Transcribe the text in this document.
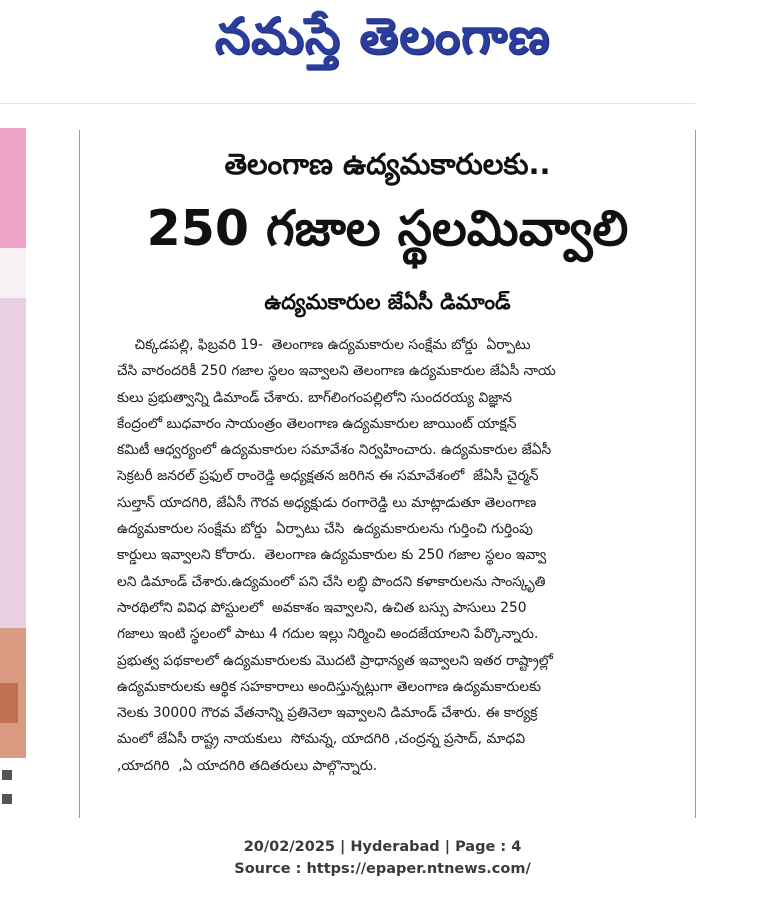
నమస్తే తెలంగాణ
తెలంగాణ ఉద్యమకారులకు..
250 గజాల స్థలమివ్వాలి
ఉద్యమకారుల జేఏసీ డిమాండ్
చిక్కడపల్లి, ఫిబ్రవరి 19-  తెలంగాణ ఉద్యమకారుల సంక్షేమ బోర్డు  ఏర్పాటు
చేసి వారందరికీ 250 గజాల స్థలం ఇవ్వాలని తెలంగాణ ఉద్యమకారుల జేఏసీ నాయ
కులు ప్రభుత్వాన్ని డిమాండ్ చేశారు. బాగ్‌లింగంపల్లిలోని సుందరయ్య విజ్ఞాన
కేంద్రంలో బుధవారం సాయంత్రం తెలంగాణ ఉద్యమకారుల జాయింట్ యాక్షన్
కమిటీ ఆధ్వర్యంలో ఉద్యమకారుల సమావేశం నిర్వహించారు. ఉద్యమకారుల జేఏసీ
సెక్రటరీ జనరల్ ప్రఫుల్ రాంరెడ్డి అధ్యక్షతన జరిగిన ఈ సమావేశంలో  జేఏసీ చైర్మన్
సుల్తాన్ యాదగిరి, జేఏసీ గౌరవ అధ్యక్షుడు రంగారెడ్డి లు మాట్లాడుతూ తెలంగాణ
ఉద్యమకారుల సంక్షేమ బోర్డు  ఏర్పాటు చేసి  ఉద్యమకారులను గుర్తించి గుర్తింపు
కార్డులు ఇవ్వాలని కోరారు.  తెలంగాణ ఉద్యమకారుల కు 250 గజాల స్థలం ఇవ్వా
లని డిమాండ్ చేశారు.ఉద్యమంలో పని చేసి లబ్ధి పొందని కళాకారులను సాంస్కృతి
సారథిలోని వివిధ పోస్టులలో  అవకాశం ఇవ్వాలని, ఉచిత బస్సు పాసులు 250
గజాలు ఇంటి స్థలంలో పాటు 4 గదుల ఇల్లు నిర్మించి అందజేయాలని పేర్కొన్నారు.
ప్రభుత్వ పథకాలలో ఉద్యమకారులకు మొదటి ప్రాధాన్యత ఇవ్వాలని ఇతర రాష్ట్రాల్లో
ఉద్యమకారులకు ఆర్థిక సహకారాలు అందిస్తున్నట్లుగా తెలంగాణ ఉద్యమకారులకు
నెలకు 30000 గౌరవ వేతనాన్ని ప్రతినెలా ఇవ్వాలని డిమాండ్ చేశారు. ఈ కార్యక్ర
మంలో జేఏసీ రాష్ట్ర నాయకులు  సోమన్న, యాదగిరి ,చంద్రన్న ప్రసాద్, మాధవి
,యాదగిరి  ,ఏ యాదగిరి తదితరులు పాల్గొన్నారు.
20/02/2025 | Hyderabad | Page : 4
Source : https://epaper.ntnews.com/
